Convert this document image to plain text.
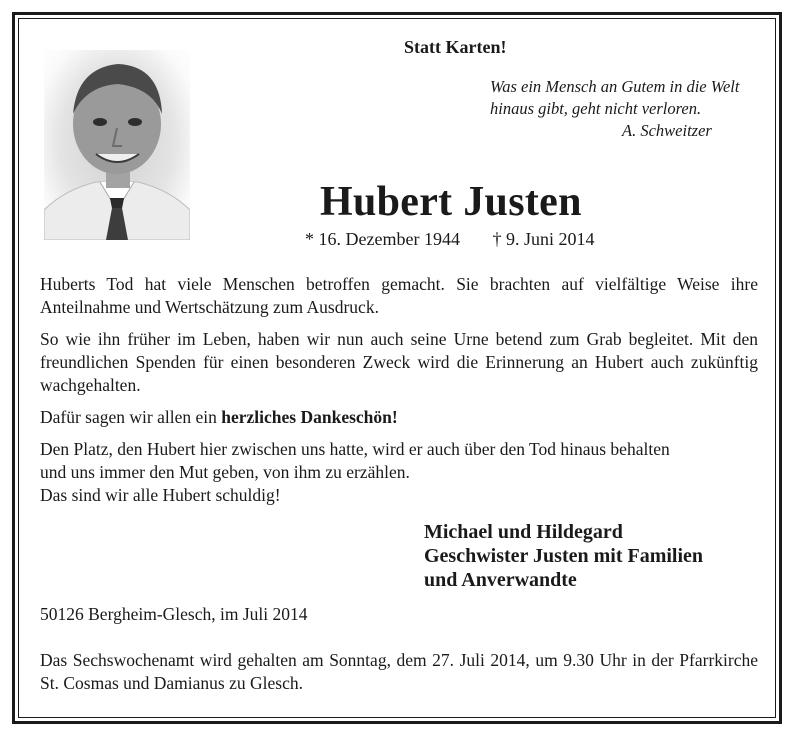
Statt Karten!
Was ein Mensch an Gutem in die Welt
hinaus gibt, geht nicht verloren.
A. Schweitzer
Hubert Justen
* 16. Dezember 1944 † 9. Juni 2014

Huberts Tod hat viele Menschen betroffen gemacht. Sie brachten auf vielfältige Weise ihre Anteilnahme und Wertschätzung zum Ausdruck.

So wie ihn früher im Leben, haben wir nun auch seine Urne betend zum Grab begleitet. Mit den freundlichen Spenden für einen besonderen Zweck wird die Erinnerung an Hubert auch zukünftig wachgehalten.

Dafür sagen wir allen ein herzliches Dankeschön!

Den Platz, den Hubert hier zwischen uns hatte, wird er auch über den Tod hinaus behalten
und uns immer den Mut geben, von ihm zu erzählen.
Das sind wir alle Hubert schuldig!

Michael und Hildegard
Geschwister Justen mit Familien
und Anverwandte
50126 Bergheim-Glesch, im Juli 2014
Das Sechswochenamt wird gehalten am Sonntag, dem 27. Juli 2014, um 9.30 Uhr in der Pfarrkirche St. Cosmas und Damianus zu Glesch.
